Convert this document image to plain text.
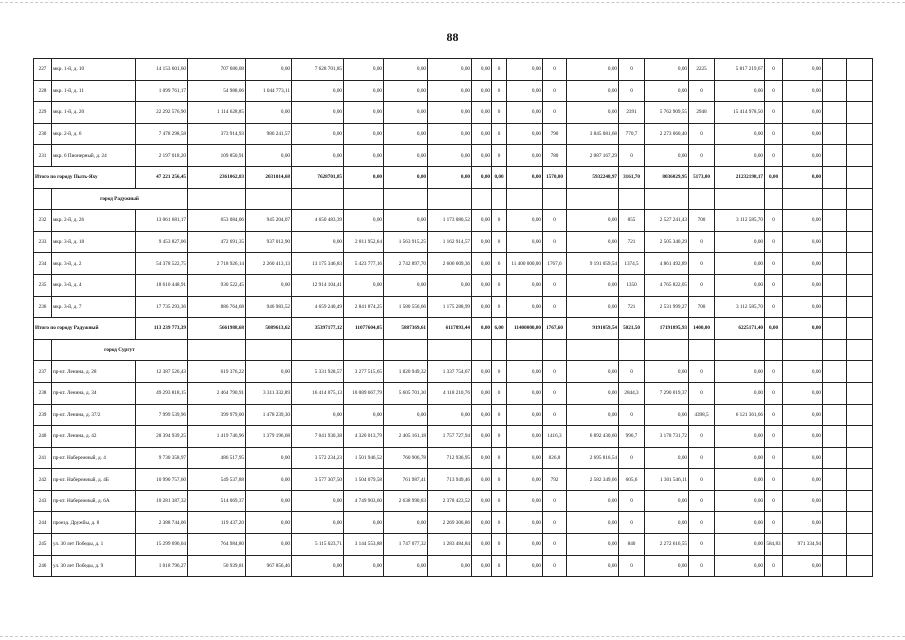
88
227	мкр. 1-й, д. 10	14 153 601,60	707 680,08	0,00	7 628 701,85	0,00	0,00	0,00	0,00	0	0,00	0	0,00	0	0,00	2225	5 817 219,67	0	0,00		
228	мкр. 1-й, д. 11	1 099 761,17	54 988,06	1 044 773,11	0,00	0,00	0,00	0,00	0,00	0	0,00	0	0,00	0	0,00	0	0,00	0	0,00		
229	мкр. 1-й, д. 20	22 292 576,90	1 114 628,85	0,00	0,00	0,00	0,00	0,00	0,00	0	0,00	0	0,00	2391	5 762 909,55	2948	15 414 978,50	0	0,00		
230	мкр. 2-й, д. 6	7 478 298,58	373 914,93	986 241,57	0,00	0,00	0,00	0,00	0,00	0	0,00	790	3 845 081,68	770,7	2 273 060,40	0	0,00	0	0,00		
231	мкр. 6 Пионерный, д. 24	2 197 018,20	109 850,91	0,00	0,00	0,00	0,00	0,00	0,00	0	0,00	780	2 087 167,29	0	0,00	0	0,00	0	0,00		
Итого по городу Пыть-Яху		47 221 256,45	2361062,83	2031014,68	7628701,85	0,00	0,00	0,00	0,00	0,00	0,00	1570,00	5932248,97	3161,70	8036029,95	5173,00	21232198,17	0,00	0,00		
	город Радужный																				
232	мкр. 2-й, д. 26	13 061 681,17	653 084,06	945 204,07	4 650 483,39	0,00	0,00	1 173 080,52	0,00	0	0,00	0	0,00	855	2 527 241,43	700	3 112 585,70	0	0,00		
233	мкр. 3-й, д. 18	9 453 827,06	472 691,35	937 012,90	0,00	2 811 952,64	1 563 915,25	1 162 914,57	0,00	0	0,00	0	0,00	721	2 505 340,29	0	0,00	0	0,00		
234	мкр. 3-й, д. 2	54 378 522,75	2 718 926,14	2 260 413,13	13 175 346,83	5 423 777,16	2 742 897,70	2 606 609,36	0,00	6	11 400 000,00	1767,6	9 191 059,54	1374,5	4 861 492,89	0	0,00	0	0,00		
235	мкр. 3-й, д. 4	18 610 448,91	930 522,45	0,00	12 914 104,41	0,00	0,00	0,00	0,00	0	0,00	0	0,00	1350	4 765 822,05	0	0,00	0	0,00		
236	мкр. 3-й, д. 7	17 735 293,36	886 764,68	946 983,52	4 659 240,49	2 841 874,25	1 580 556,66	1 175 288,99	0,00	0	0,00	0	0,00	721	2 531 999,27	700	3 112 585,70	0	0,00		
Итого по городу Радужный		113 239 773,39	5661988,68	5089613,62	35397177,12	11077604,05	5887369,61	6117893,44	0,00	6,00	11400000,00	1767,60	9191059,54	5021,50	17191895,93	1400,00	6225171,40	0,00	0,00		
	город Сургут																				
237	пр-кт. Ленина, д. 28	12 387 526,43	619 376,22	0,00	5 331 928,57	3 277 515,65	1 820 949,32	1 337 754,67	0,00	0	0,00	0	0,00	0	0,00	0	0,00	0	0,00		
238	пр-кт. Ленина, д. 34	49 293 818,15	2 464 790,91	3 311 332,89	16 414 075,13	10 089 667,79	5 605 701,30	4 118 210,76	0,00	0	0,00	0	0,00	2844,3	7 290 019,37	0	0,00	0	0,00		
239	пр-кт. Ленина, д. 37/2	7 999 539,96	399 979,00	1 478 239,30	0,00	0,00	0,00	0,00	0,00	0	0,00	0	0,00	0	0,00	4398,5	6 121 361,66	0	0,00		
240	пр-кт. Ленина, д. 42	28 394 939,25	1 419 746,96	1 379 196,68	7 041 930,38	4 320 013,79	2 405 161,18	1 757 727,94	0,00	0	0,00	1416,3	6 892 430,60	996,7	3 178 731,72	0	0,00	0	0,00		
241	пр-кт. Набережный, д. 4	9 730 358,97	486 517,95	0,00	3 572 234,23	1 501 946,52	760 906,78	712 936,95	0,00	0	0,00	826,8	2 695 816,54	0	0,00	0	0,00	0	0,00		
242	пр-кт. Набережный, д. 4Б	10 990 757,60	549 537,88	0,00	3 577 307,50	1 504 079,58	761 987,41	713 949,46	0,00	0	0,00	792	2 582 349,66	605,6	1 301 546,11	0	0,00	0	0,00		
243	пр-кт. Набережный, д. 6А	10 281 387,32	514 069,37	0,00	0,00	4 749 903,60	2 638 990,83	2 378 423,52	0,00	0	0,00	0	0,00	0	0,00	0	0,00	0	0,00		
244	проезд. Дружбы, д. 8	2 388 744,06	119 437,20	0,00	0,00	0,00	0,00	2 269 306,86	0,00	0	0,00	0	0,00	0	0,00	0	0,00	0	0,00		
245	ул. 30 лет Победы, д. 1	15 299 696,04	764 984,80	0,00	5 115 023,71	3 144 553,88	1 747 077,32	1 283 484,84	0,00	0	0,00	0	0,00	840	2 272 616,55	0	0,00	584,83	971 334,94		
246	ул. 30 лет Победы, д. 9	1 018 796,27	50 939,81	967 856,46	0,00	0,00	0,00	0,00	0,00	0	0,00	0	0,00	0	0,00	0	0,00	0	0,00		
